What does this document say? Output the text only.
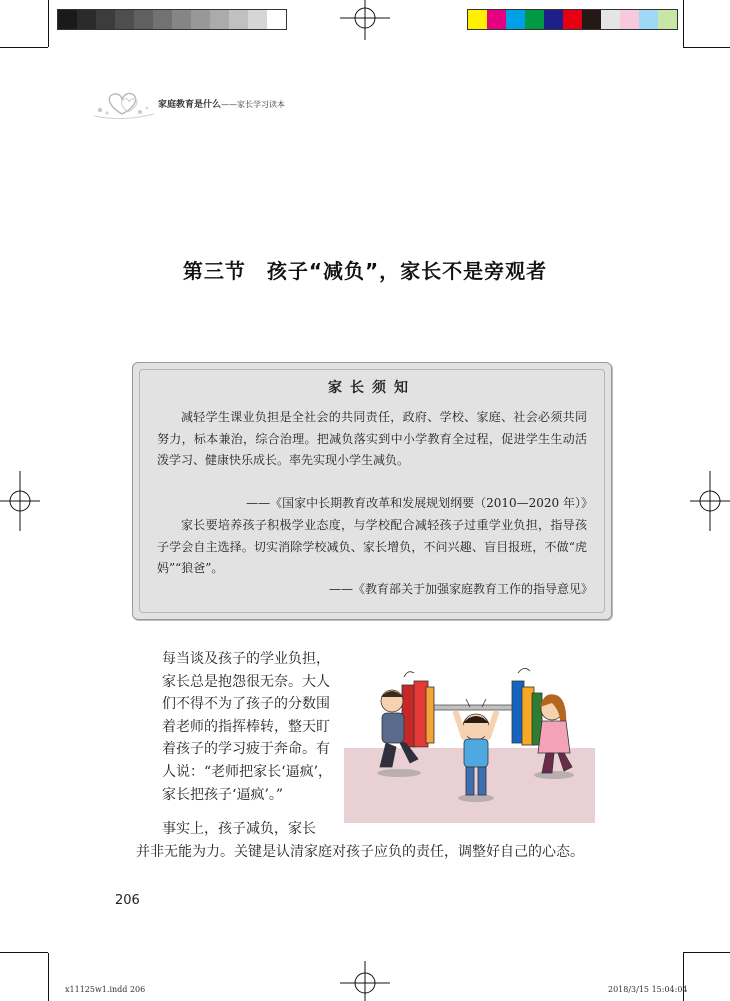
家庭教育是什么——家长学习读本
第三节　孩子“减负”，家长不是旁观者
家长须知
减轻学生课业负担是全社会的共同责任，政府、学校、家庭、社会必须共同努力，标本兼治，综合治理。把减负落实到中小学教育全过程，促进学生生动活泼学习、健康快乐成长。率先实现小学生减负。
——《国家中长期教育改革和发展规划纲要（2010—2020 年）》
家长要培养孩子积极学业态度，与学校配合减轻孩子过重学业负担，指导孩子学会自主选择。切实消除学校减负、家长增负，不问兴趣、盲目报班，不做“虎妈”“狼爸”。
——《教育部关于加强家庭教育工作的指导意见》
每当谈及孩子的学业负担，家长总是抱怨很无奈。大人们不得不为了孩子的分数围着老师的指挥棒转，整天盯着孩子的学习疲于奔命。有人说：“老师把家长‘逼疯’，家长把孩子‘逼疯’。”
事实上，孩子减负，家长
并非无能为力。关键是认清家庭对孩子应负的责任，调整好自己的心态。
206
x11125w1.indd 206	2018/3/15 15:04:04
